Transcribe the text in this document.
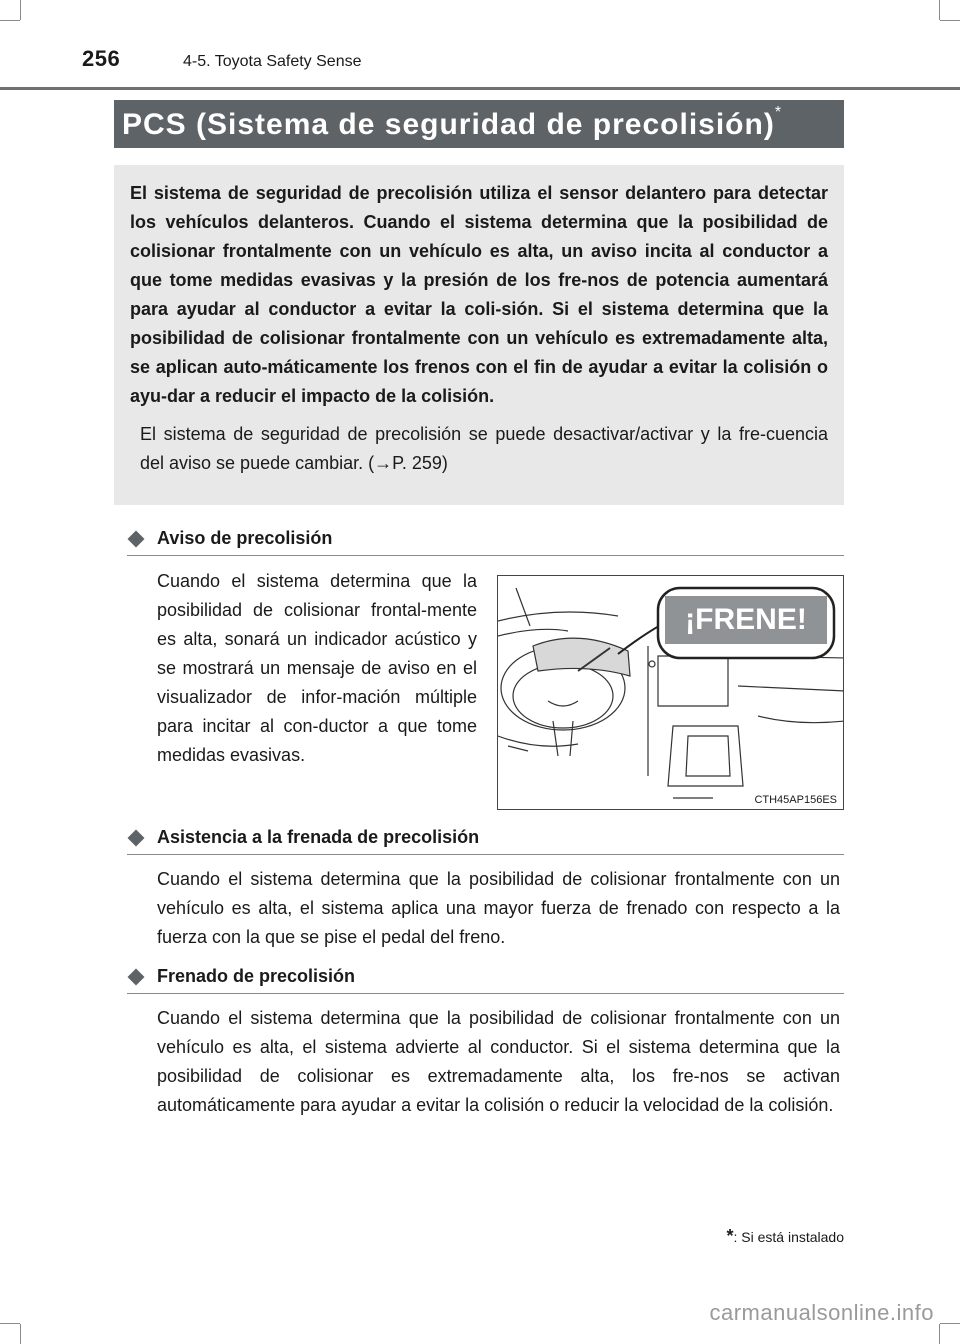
256	4-5. Toyota Safety Sense
PCS (Sistema de seguridad de precolisión)*

El sistema de seguridad de precolisión utiliza el sensor delantero para detectar los vehículos delanteros. Cuando el sistema determina que la posibilidad de colisionar frontalmente con un vehículo es alta, un aviso incita al conductor a que tome medidas evasivas y la presión de los fre-nos de potencia aumentará para ayudar al conductor a evitar la coli-sión. Si el sistema determina que la posibilidad de colisionar frontalmente con un vehículo es extremadamente alta, se aplican auto-máticamente los frenos con el fin de ayudar a evitar la colisión o ayu-dar a reducir el impacto de la colisión.

El sistema de seguridad de precolisión se puede desactivar/activar y la fre-cuencia del aviso se puede cambiar. (→P. 259)

Aviso de precolisión
Cuando el sistema determina que la posibilidad de colisionar frontal-mente es alta, sonará un indicador acústico y se mostrará un mensaje de aviso en el visualizador de infor-mación múltiple para incitar al con-ductor a que tome medidas evasivas.
¡FRENE!
CTH45AP156ES
Asistencia a la frenada de precolisión
Cuando el sistema determina que la posibilidad de colisionar frontalmente con un vehículo es alta, el sistema aplica una mayor fuerza de frenado con respecto a la fuerza con la que se pise el pedal del freno.
Frenado de precolisión
Cuando el sistema determina que la posibilidad de colisionar frontalmente con un vehículo es alta, el sistema advierte al conductor. Si el sistema determina que la posibilidad de colisionar es extremadamente alta, los fre-nos se activan automáticamente para ayudar a evitar la colisión o reducir la velocidad de la colisión.
*: Si está instalado
carmanualsonline.info
